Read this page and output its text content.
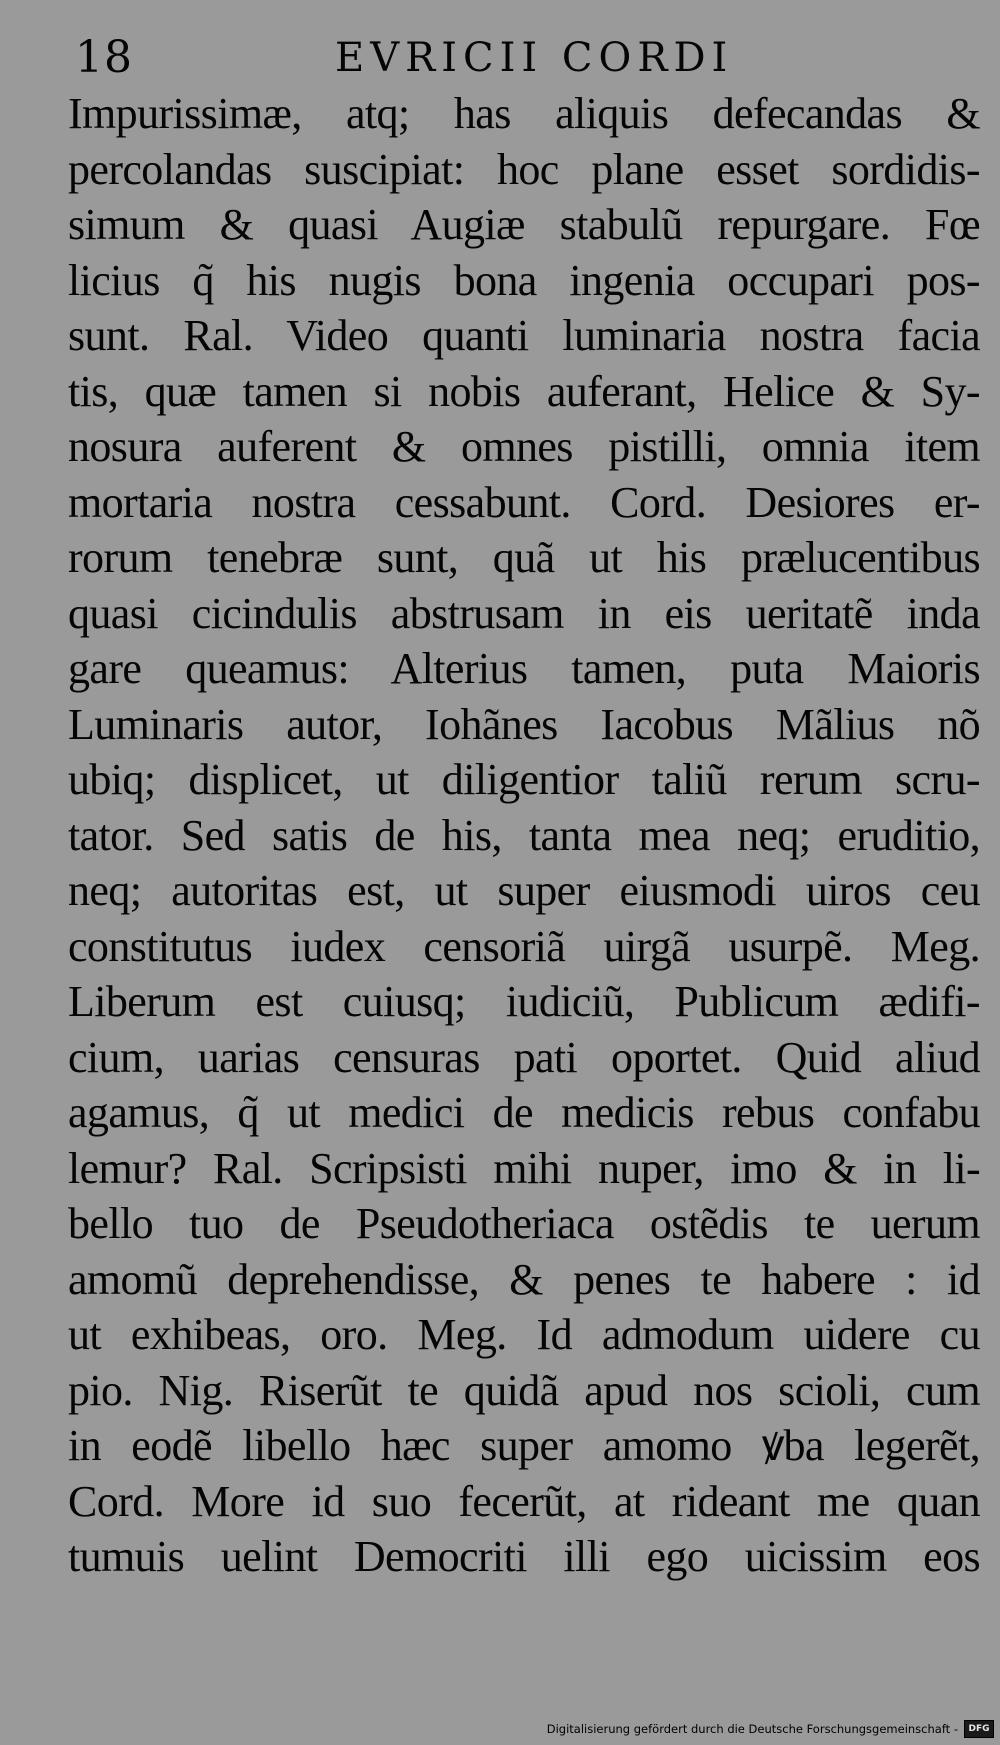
18	EVRICII CORDI
Impurissimæ, atq; has aliquis defecandas &
percolandas suscipiat: hoc plane esset sordidis-
simum & quasi Augiæ stabulũ repurgare. Fœ
licius q̃ his nugis bona ingenia occupari pos-
sunt. Ral. Video quanti luminaria nostra facia
tis, quæ tamen si nobis auferant, Helice & Sy-
nosura auferent & omnes pistilli, omnia item
mortaria nostra cessabunt. Cord. Desiores er-
rorum tenebræ sunt, quã ut his prælucentibus
quasi cicindulis abstrusam in eis ueritatẽ inda
gare queamus: Alterius tamen, puta Maioris
Luminaris autor, Iohãnes Iacobus Mãlius nõ
ubiq; displicet, ut diligentior taliũ rerum scru-
tator. Sed satis de his, tanta mea neq; eruditio,
neq; autoritas est, ut super eiusmodi uiros ceu
constitutus iudex censoriã uirgã usurpẽ. Meg.
Liberum est cuiusq; iudiciũ, Publicum ædifi-
cium, uarias censuras pati oportet. Quid aliud
agamus, q̃ ut medici de medicis rebus confabu
lemur? Ral. Scripsisti mihi nuper, imo & in li-
bello tuo de Pseudotheriaca ostẽdis te uerum
amomũ deprehendisse, & penes te habere : id
ut exhibeas, oro. Meg. Id admodum uidere cu
pio. Nig. Riserũt te quidã apud nos scioli, cum
in eodẽ libello hæc super amomo ꝟba legerẽt,
Cord. More id suo fecerũt, at rideant me quan
tumuis uelint Democriti illi ego uicissim eos
Digitalisierung gefördert durch die Deutsche Forschungsgemeinschaft -	DFG
